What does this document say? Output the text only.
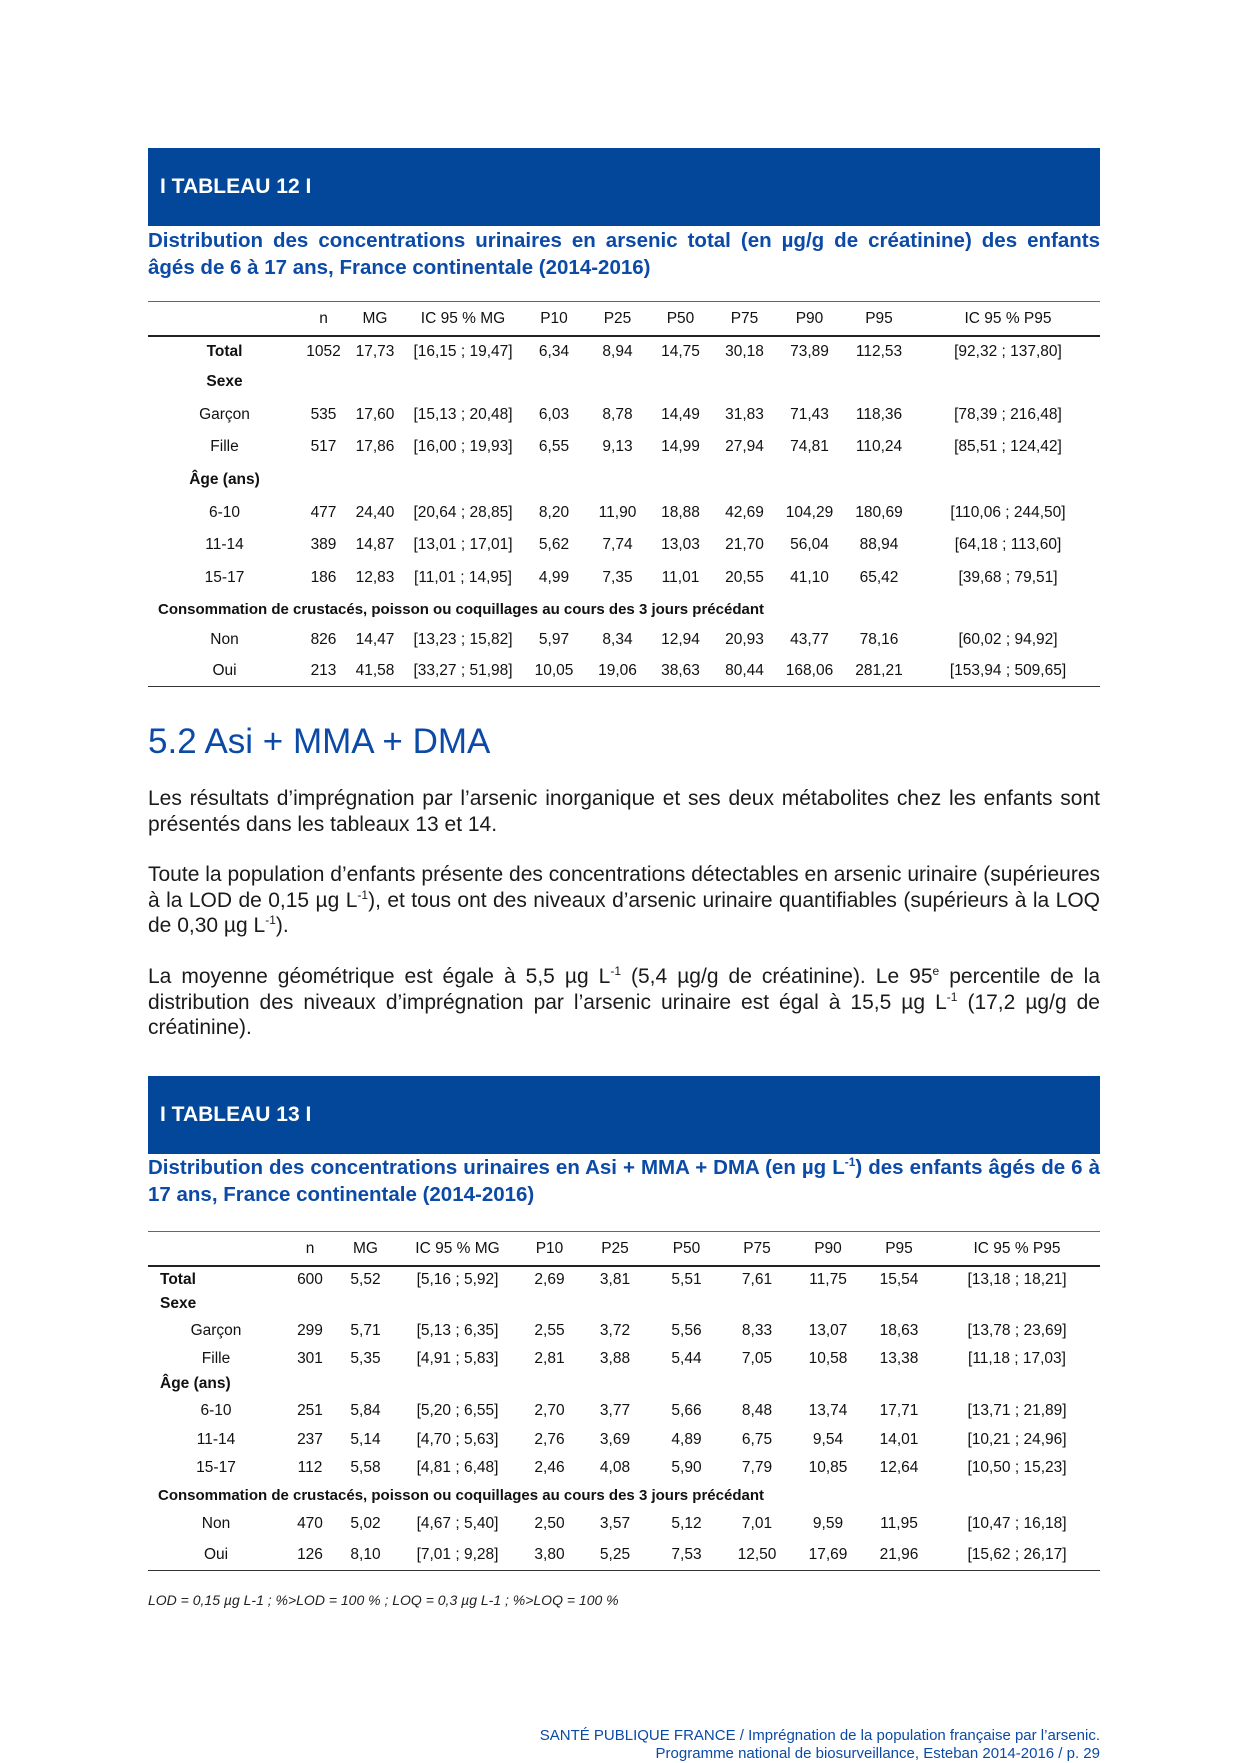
I TABLEAU 12 I
Distribution des concentrations urinaires en arsenic total (en µg/g de créatinine) des enfants âgés de 6 à 17 ans, France continentale (2014-2016)
	n	MG	IC 95 % MG	P10	P25	P50	P75	P90	P95	IC 95 % P95
Total	1052	17,73	[16,15 ; 19,47]	6,34	8,94	14,75	30,18	73,89	112,53	[92,32 ; 137,80]
Sexe										
Garçon	535	17,60	[15,13 ; 20,48]	6,03	8,78	14,49	31,83	71,43	118,36	[78,39 ; 216,48]
Fille	517	17,86	[16,00 ; 19,93]	6,55	9,13	14,99	27,94	74,81	110,24	[85,51 ; 124,42]
Âge (ans)										
6-10	477	24,40	[20,64 ; 28,85]	8,20	11,90	18,88	42,69	104,29	180,69	[110,06 ; 244,50]
11-14	389	14,87	[13,01 ; 17,01]	5,62	7,74	13,03	21,70	56,04	88,94	[64,18 ; 113,60]
15-17	186	12,83	[11,01 ; 14,95]	4,99	7,35	11,01	20,55	41,10	65,42	[39,68 ; 79,51]
Consommation de crustacés, poisson ou coquillages au cours des 3 jours précédant										
Non	826	14,47	[13,23 ; 15,82]	5,97	8,34	12,94	20,93	43,77	78,16	[60,02 ; 94,92]
Oui	213	41,58	[33,27 ; 51,98]	10,05	19,06	38,63	80,44	168,06	281,21	[153,94 ; 509,65]
5.2 Asi + MMA + DMA

Les résultats d’imprégnation par l’arsenic inorganique et ses deux métabolites chez les enfants sont présentés dans les tableaux 13 et 14.

Toute la population d’enfants présente des concentrations détectables en arsenic urinaire (supérieures à la LOD de 0,15 µg $L^{-1}$), et tous ont des niveaux d’arsenic urinaire quantifiables (supérieurs à la LOQ de 0,30 µg $L^{-1}$).

La moyenne géométrique est égale à 5,5 µg $L^{-1}$ (5,4 µg/g de créatinine). Le 95e percentile de la distribution des niveaux d’imprégnation par l’arsenic urinaire est égal à 15,5 µg $L^{-1}$ (17,2 µg/g de créatinine).

I TABLEAU 13 I
Distribution des concentrations urinaires en Asi + MMA + DMA (en µg $L^{-1}$) des enfants âgés de 6 à 17 ans, France continentale (2014-2016)
	n	MG	IC 95 % MG	P10	P25	P50	P75	P90	P95	IC 95 % P95
Total	600	5,52	[5,16 ; 5,92]	2,69	3,81	5,51	7,61	11,75	15,54	[13,18 ; 18,21]
Sexe										
Garçon	299	5,71	[5,13 ; 6,35]	2,55	3,72	5,56	8,33	13,07	18,63	[13,78 ; 23,69]
Fille	301	5,35	[4,91 ; 5,83]	2,81	3,88	5,44	7,05	10,58	13,38	[11,18 ; 17,03]
Âge (ans)										
6-10	251	5,84	[5,20 ; 6,55]	2,70	3,77	5,66	8,48	13,74	17,71	[13,71 ; 21,89]
11-14	237	5,14	[4,70 ; 5,63]	2,76	3,69	4,89	6,75	9,54	14,01	[10,21 ; 24,96]
15-17	112	5,58	[4,81 ; 6,48]	2,46	4,08	5,90	7,79	10,85	12,64	[10,50 ; 15,23]
Consommation de crustacés, poisson ou coquillages au cours des 3 jours précédant										
Non	470	5,02	[4,67 ; 5,40]	2,50	3,57	5,12	7,01	9,59	11,95	[10,47 ; 16,18]
Oui	126	8,10	[7,01 ; 9,28]	3,80	5,25	7,53	12,50	17,69	21,96	[15,62 ; 26,17]
LOD = 0,15 µg L-1 ; %>LOD = 100 % ; LOQ = 0,3 µg L-1 ; %>LOQ = 100 %
SANTÉ PUBLIQUE FRANCE / Imprégnation de la population française par l’arsenic.
Programme national de biosurveillance, Esteban 2014-2016 / p. 29
